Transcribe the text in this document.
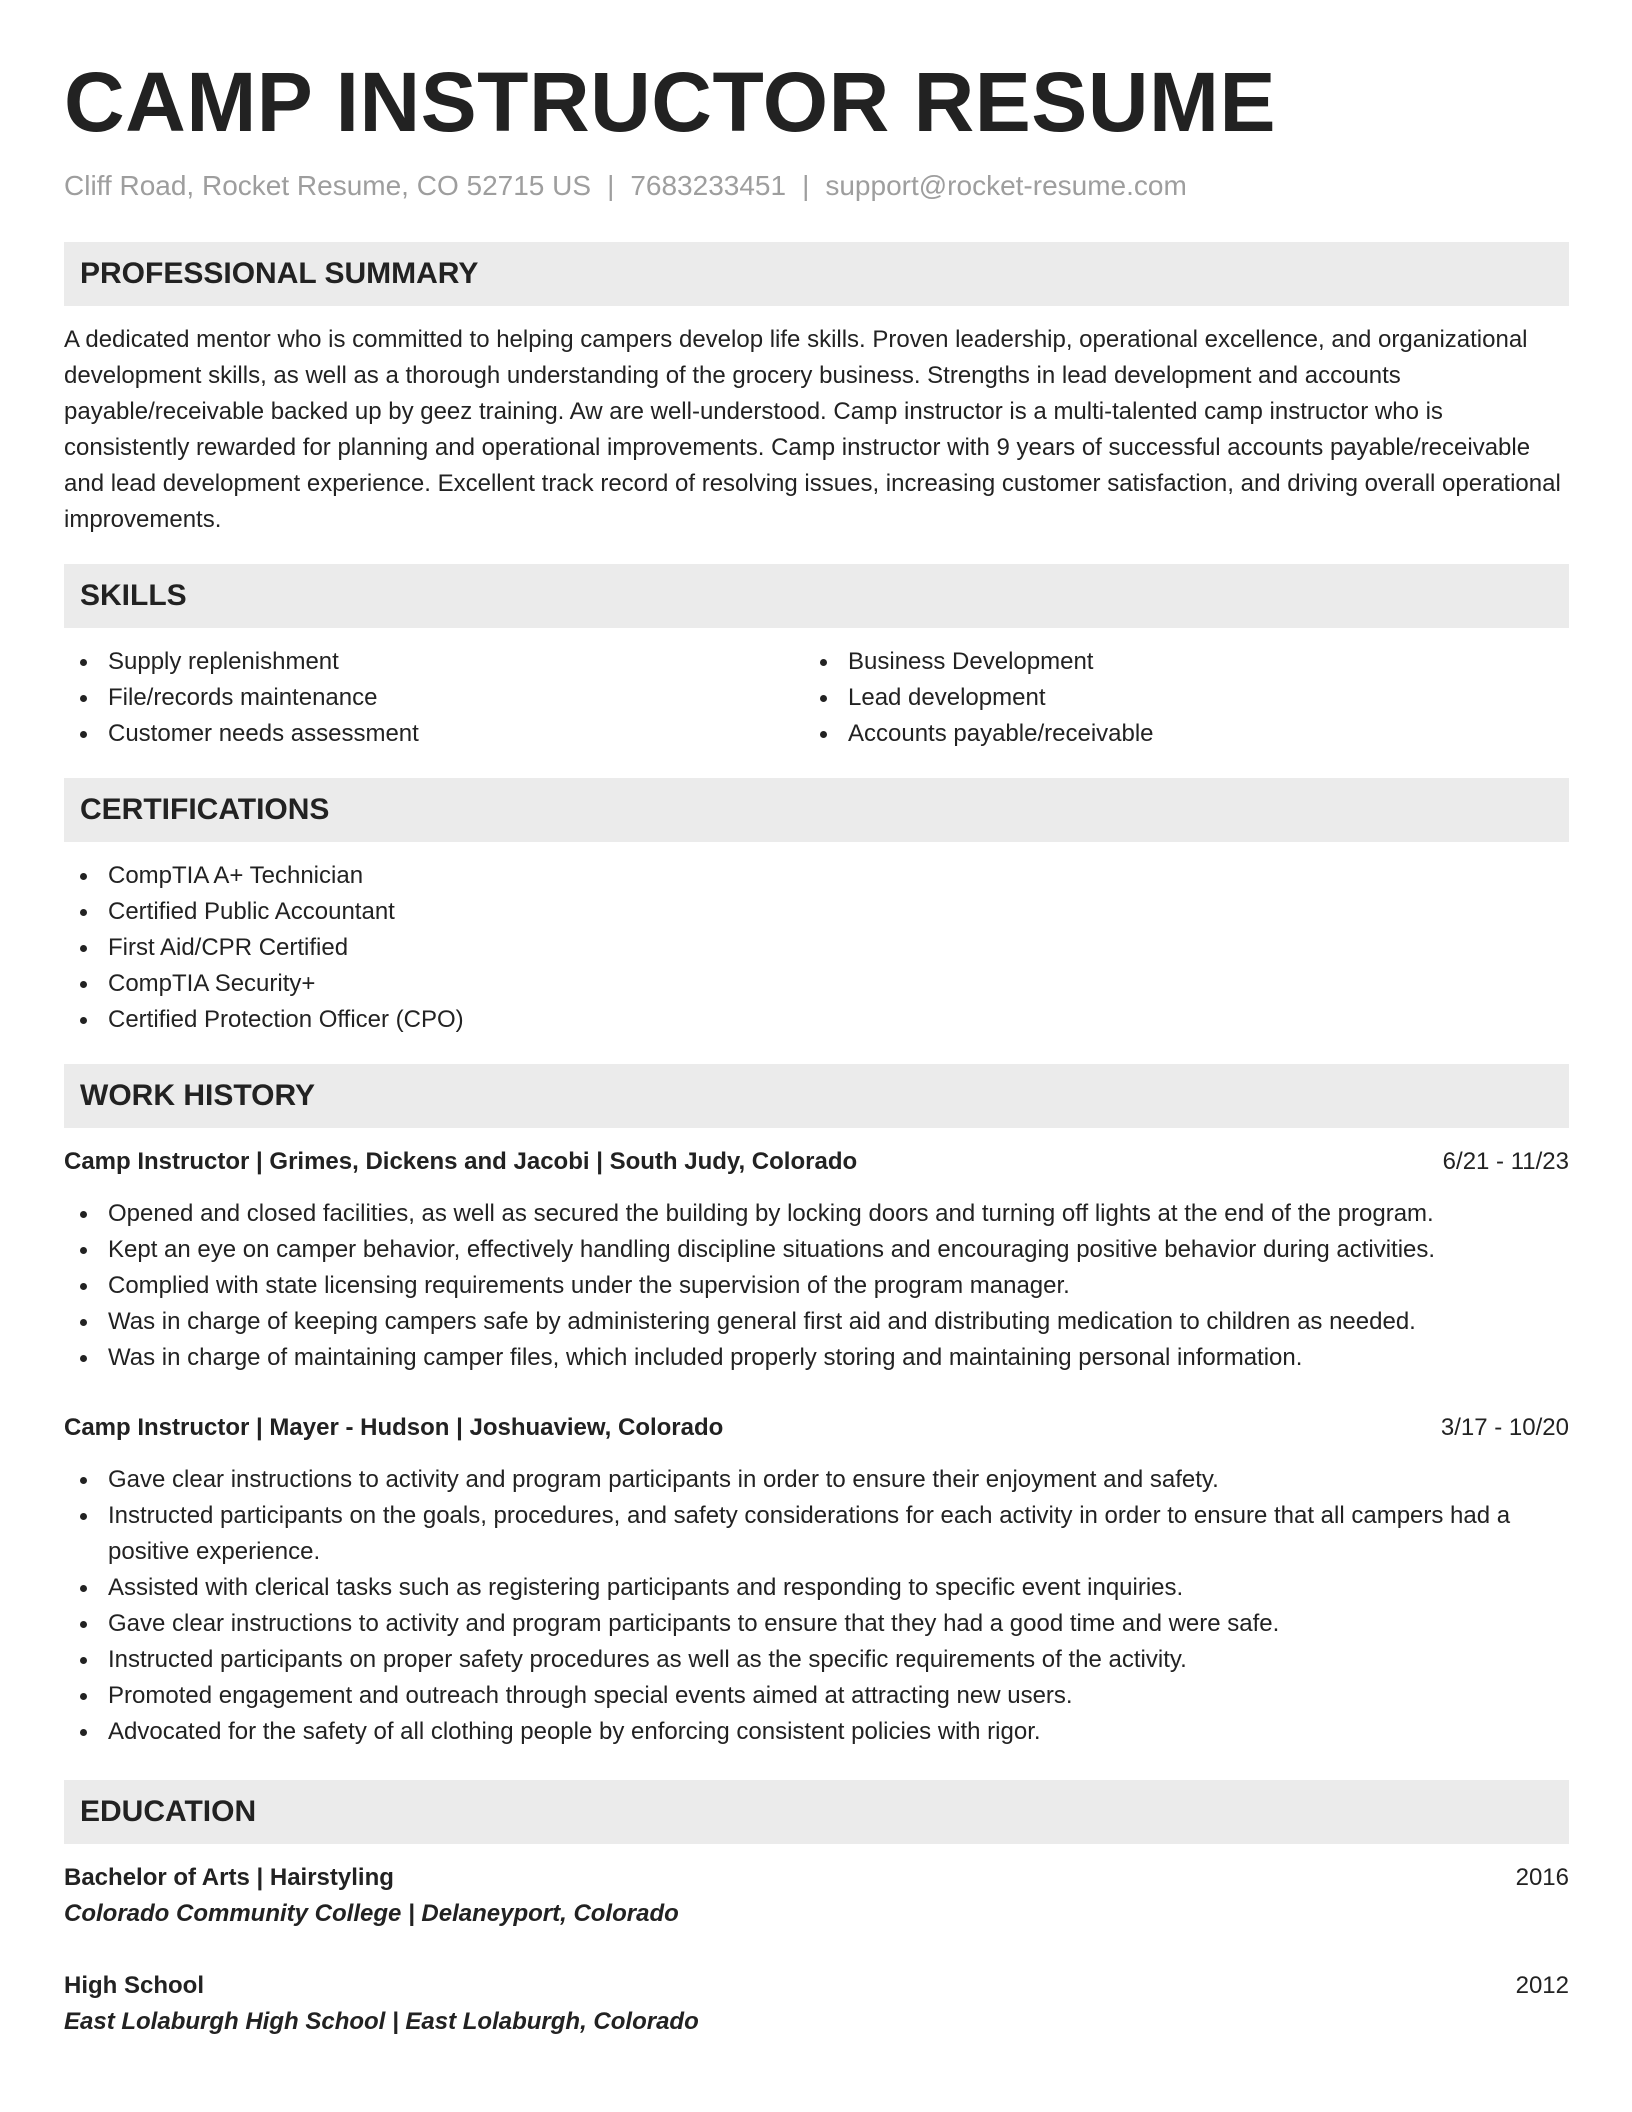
CAMP INSTRUCTOR RESUME
Cliff Road, Rocket Resume, CO 52715 US | 7683233451 | support@rocket-resume.com
PROFESSIONAL SUMMARY

A dedicated mentor who is committed to helping campers develop life skills. Proven leadership, operational excellence, and organizational development skills, as well as a thorough understanding of the grocery business. Strengths in lead development and accounts payable/receivable backed up by geez training. Aw are well-understood. Camp instructor is a multi-talented camp instructor who is consistently rewarded for planning and operational improvements. Camp instructor with 9 years of successful accounts payable/receivable and lead development experience. Excellent track record of resolving issues, increasing customer satisfaction, and driving overall operational improvements.

SKILLS
Supply replenishment
File/records maintenance
Customer needs assessment
Business Development
Lead development
Accounts payable/receivable
CERTIFICATIONS
CompTIA A+ Technician
Certified Public Accountant
First Aid/CPR Certified
CompTIA Security+
Certified Protection Officer (CPO)
WORK HISTORY
Camp Instructor | Grimes, Dickens and Jacobi | South Judy, Colorado	6/21 - 11/23
Opened and closed facilities, as well as secured the building by locking doors and turning off lights at the end of the program.
Kept an eye on camper behavior, effectively handling discipline situations and encouraging positive behavior during activities.
Complied with state licensing requirements under the supervision of the program manager.
Was in charge of keeping campers safe by administering general first aid and distributing medication to children as needed.
Was in charge of maintaining camper files, which included properly storing and maintaining personal information.
Camp Instructor | Mayer - Hudson | Joshuaview, Colorado	3/17 - 10/20
Gave clear instructions to activity and program participants in order to ensure their enjoyment and safety.
Instructed participants on the goals, procedures, and safety considerations for each activity in order to ensure that all campers had a positive experience.
Assisted with clerical tasks such as registering participants and responding to specific event inquiries.
Gave clear instructions to activity and program participants to ensure that they had a good time and were safe.
Instructed participants on proper safety procedures as well as the specific requirements of the activity.
Promoted engagement and outreach through special events aimed at attracting new users.
Advocated for the safety of all clothing people by enforcing consistent policies with rigor.
EDUCATION
Bachelor of Arts | Hairstyling	2016
Colorado Community College | Delaneyport, Colorado
High School	2012
East Lolaburgh High School | East Lolaburgh, Colorado
